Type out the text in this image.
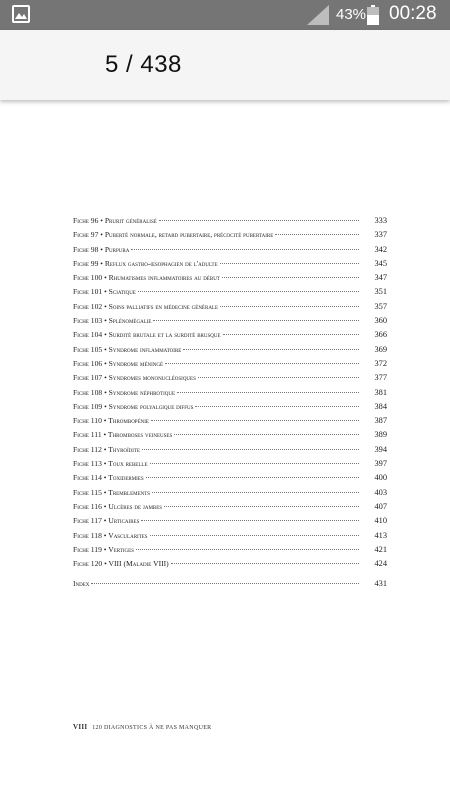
43% 00:28
5 / 438
Fiche 96 • Prurit généralisé	333
Fiche 97 • Puberté normale, retard pubertaire, précocité pubertaire	337
Fiche 98 • Purpura	342
Fiche 99 • Reflux gastro-œsophagien de l'adulte	345
Fiche 100 • Rhumatismes inflammatoires au début	347
Fiche 101 • Sciatique	351
Fiche 102 • Soins palliatifs en médecine générale	357
Fiche 103 • Splénomégalie	360
Fiche 104 • Surdité brutale et la surdité brusque	366
Fiche 105 • Syndrome inflammatoire	369
Fiche 106 • Syndrome méningé	372
Fiche 107 • Syndromes mononucléosiques	377
Fiche 108 • Syndrome néphrotique	381
Fiche 109 • Syndrome polyalgique diffus	384
Fiche 110 • Thrombopénie	387
Fiche 111 • Thromboses veineuses	389
Fiche 112 • Thyroïdite	394
Fiche 113 • Toux rebelle	397
Fiche 114 • Toxidermies	400
Fiche 115 • Tremblements	403
Fiche 116 • Ulcères de jambes	407
Fiche 117 • Urticaires	410
Fiche 118 • Vascularites	413
Fiche 119 • Vertiges	421
Fiche 120 • VIII (Maladie VIII)	424
Index	431
VIII 120 DIAGNOSTICS À NE PAS MANQUER
